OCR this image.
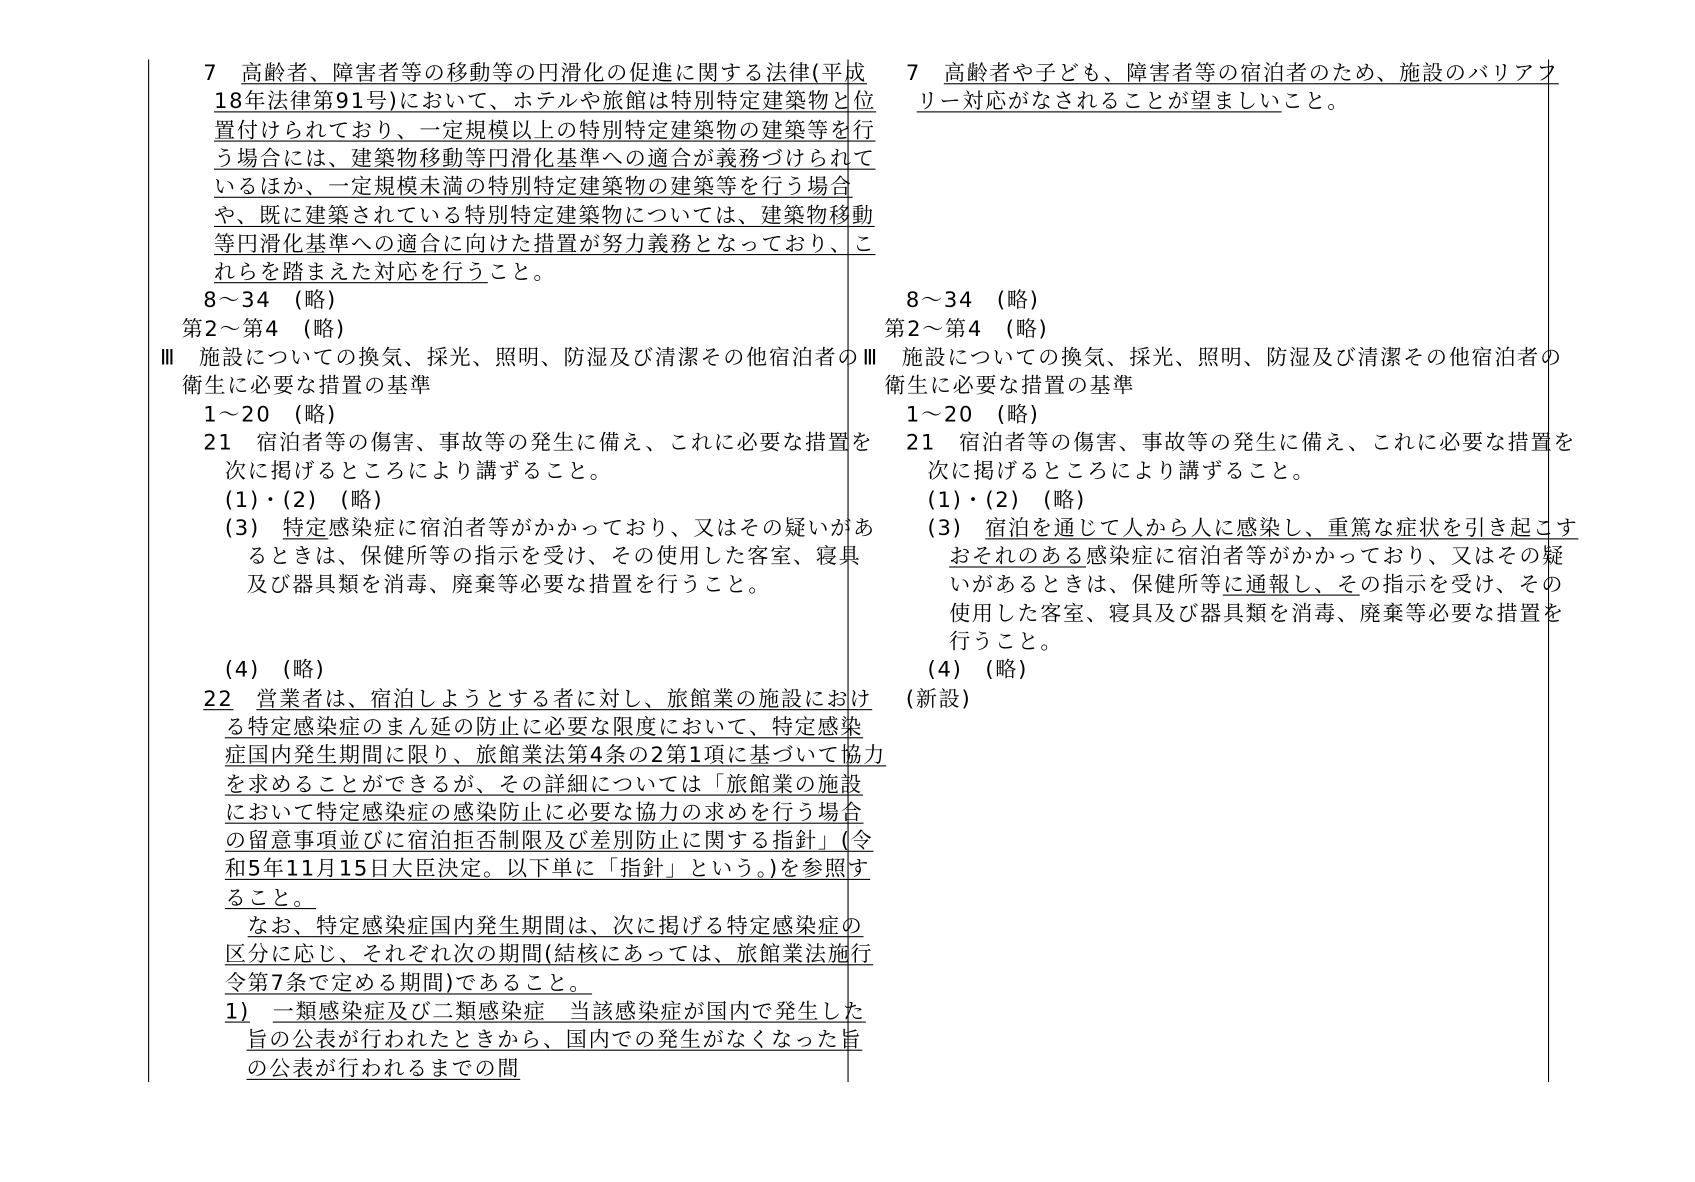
7　高齢者、障害者等の移動等の円滑化の促進に関する法律(平成
18年法律第91号)において、ホテルや旅館は特別特定建築物と位
置付けられており、一定規模以上の特別特定建築物の建築等を行
う場合には、建築物移動等円滑化基準への適合が義務づけられて
いるほか、一定規模未満の特別特定建築物の建築等を行う場合
や、既に建築されている特別特定建築物については、建築物移動
等円滑化基準への適合に向けた措置が努力義務となっており、こ
れらを踏まえた対応を行うこと。
8～34　(略)
第2～第4　(略)
Ⅲ　施設についての換気、採光、照明、防湿及び清潔その他宿泊者の
衛生に必要な措置の基準
1～20　(略)
21　宿泊者等の傷害、事故等の発生に備え、これに必要な措置を
次に掲げるところにより講ずること。
(1)・(2)　(略)
(3)　特定感染症に宿泊者等がかかっており、又はその疑いがあ
るときは、保健所等の指示を受け、その使用した客室、寝具
及び器具類を消毒、廃棄等必要な措置を行うこと。
(4)　(略)
22　 営業者は、宿泊しようとする者に対し、旅館業の施設におけ
る特定感染症のまん延の防止に必要な限度において、特定感染
症国内発生期間に限り、旅館業法第4条の2第1項に基づいて協力
を求めることができるが、その詳細については「旅館業の施設
において特定感染症の感染防止に必要な協力の求めを行う場合
の留意事項並びに宿泊拒否制限及び差別防止に関する指針」(令
和5年11月15日大臣決定。以下単に「指針」という。)を参照す
ること。
　なお、特定感染症国内発生期間は、次に掲げる特定感染症の
区分に応じ、それぞれ次の期間(結核にあっては、旅館業法施行
令第7条で定める期間)であること。
1)　 一類感染症及び二類感染症　当該感染症が国内で発生した
旨の公表が行われたときから、国内での発生がなくなった旨
の公表が行われるまでの間
7　高齢者や子ども、障害者等の宿泊者のため、施設のバリアフ
リー対応がなされることが望ましいこと。
8～34　(略)
第2～第4　(略)
Ⅲ　施設についての換気、採光、照明、防湿及び清潔その他宿泊者の
衛生に必要な措置の基準
1～20　(略)
21　宿泊者等の傷害、事故等の発生に備え、これに必要な措置を
次に掲げるところにより講ずること。
(1)・(2)　(略)
(3)　宿泊を通じて人から人に感染し、重篤な症状を引き起こす
おそれのある感染症に宿泊者等がかかっており、又はその疑
いがあるときは、保健所等に通報し、その指示を受け、その
使用した客室、寝具及び器具類を消毒、廃棄等必要な措置を
行うこと。
(4)　(略)
(新設)
